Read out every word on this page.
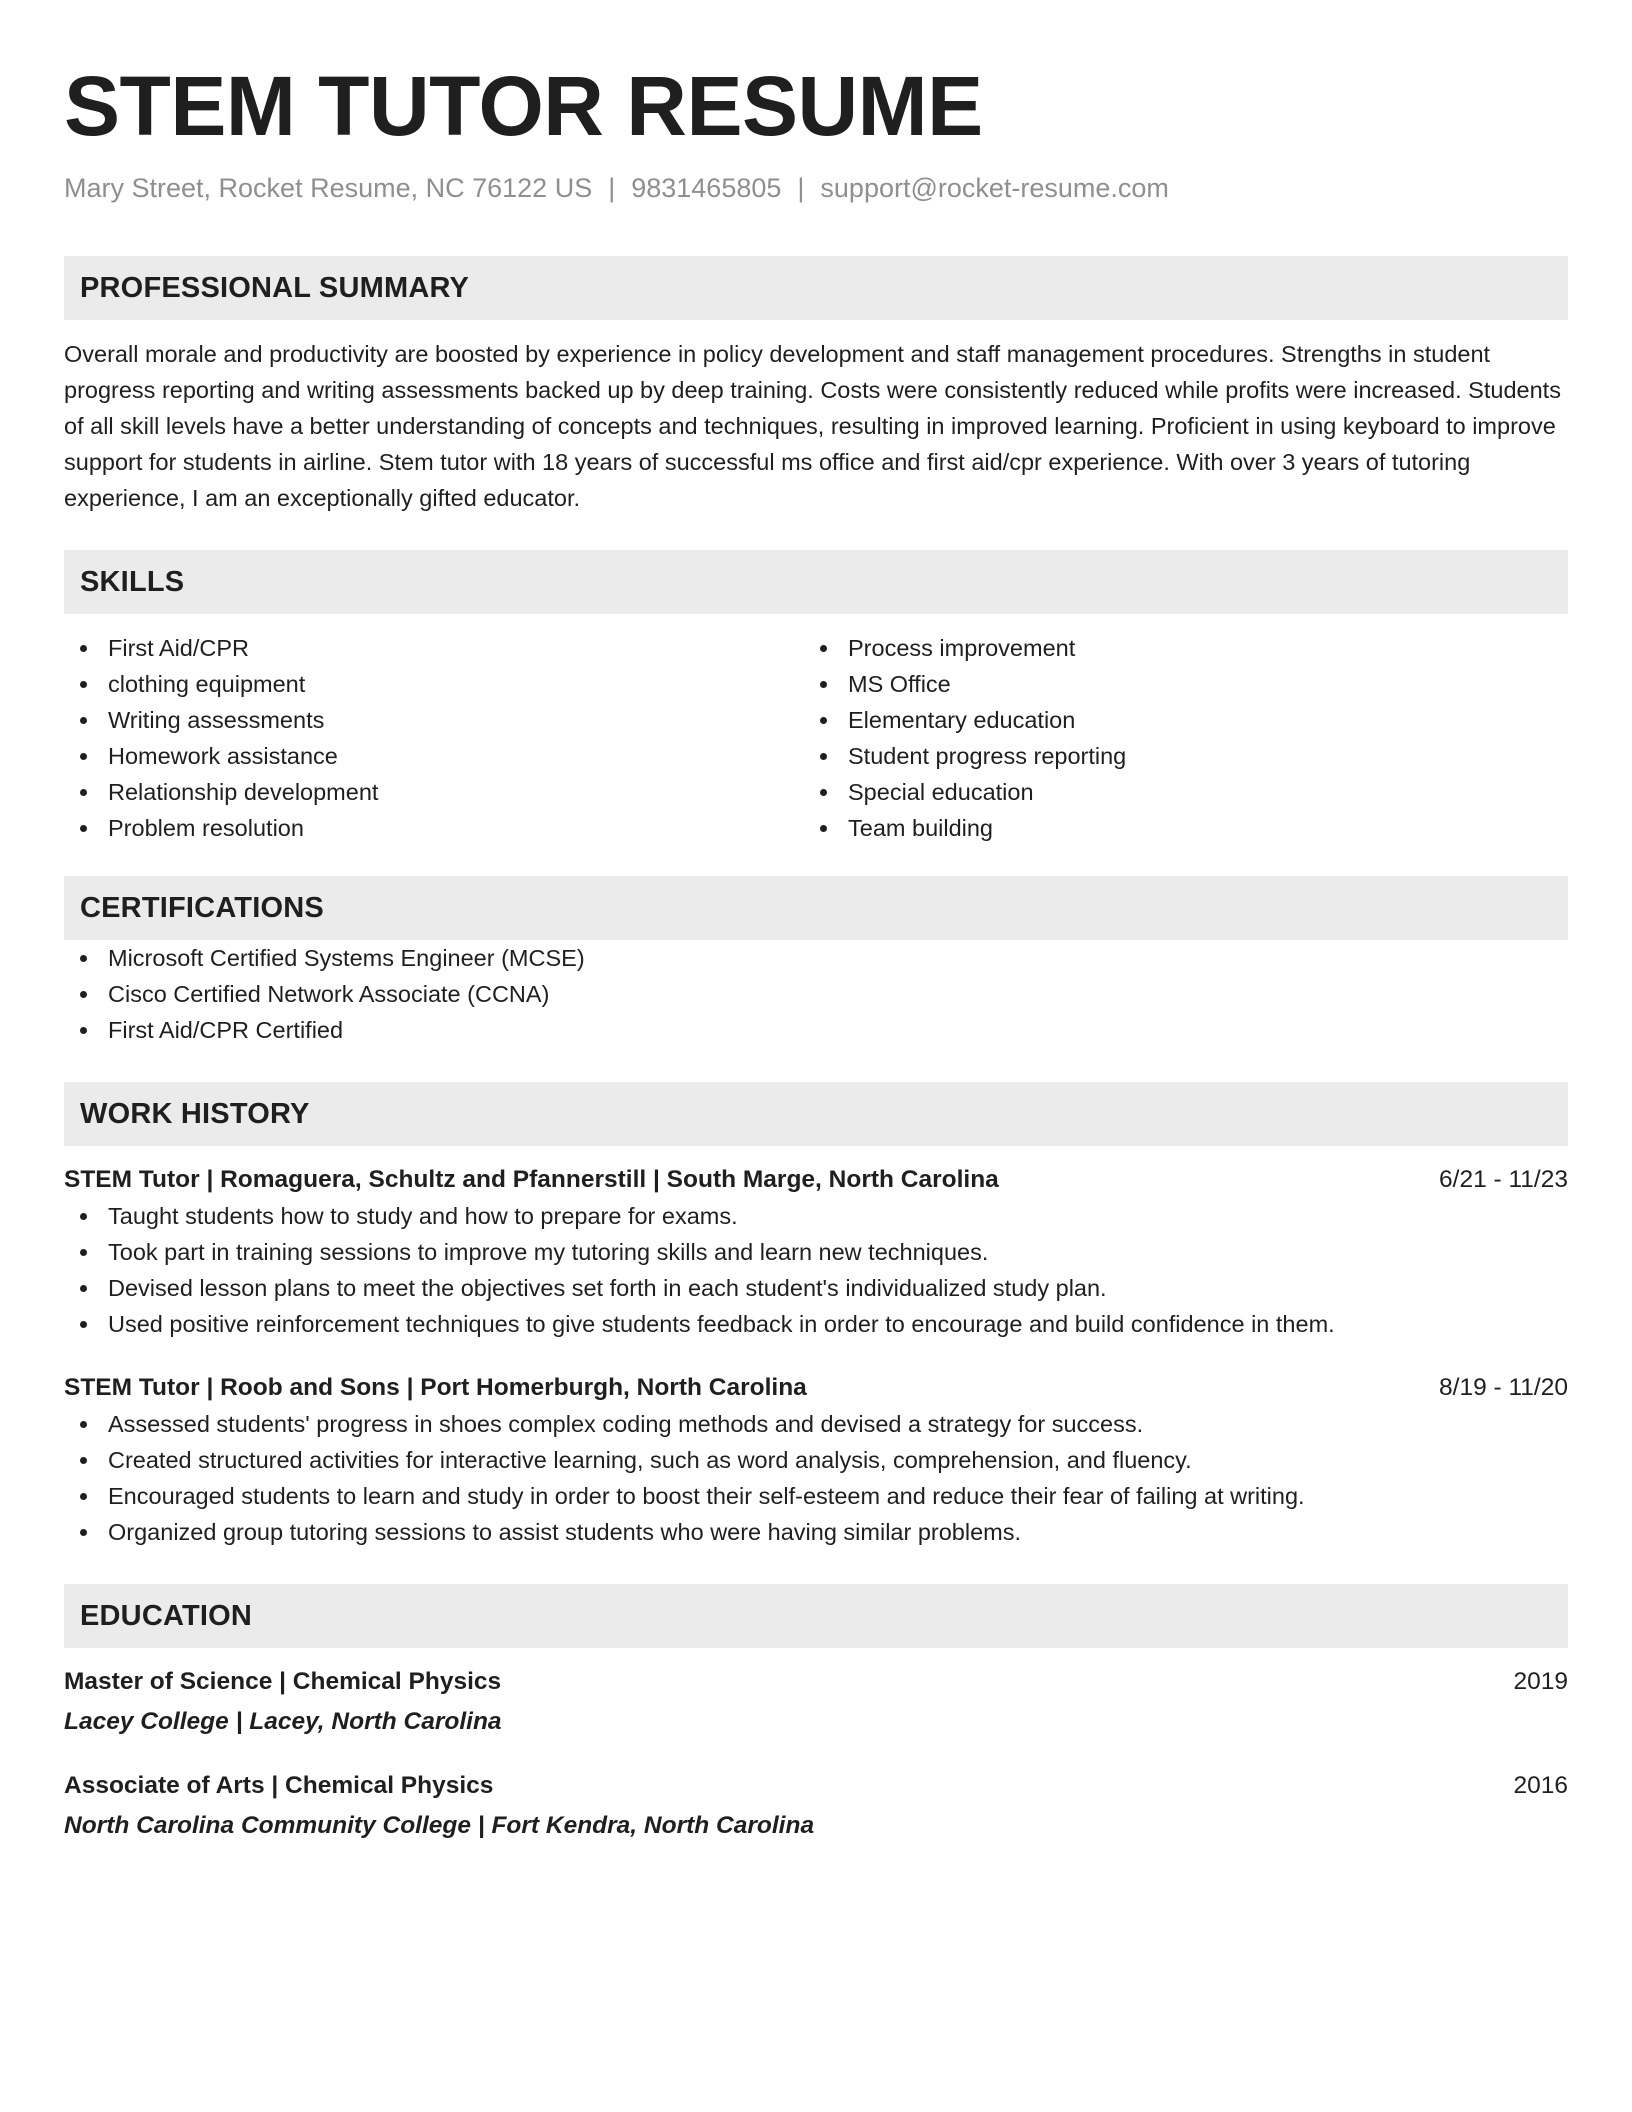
STEM TUTOR RESUME
Mary Street, Rocket Resume, NC 76122 US | 9831465805 | support@rocket-resume.com
PROFESSIONAL SUMMARY
Overall morale and productivity are boosted by experience in policy development and staff management procedures. Strengths in student progress reporting and writing assessments backed up by deep training. Costs were consistently reduced while profits were increased. Students of all skill levels have a better understanding of concepts and techniques, resulting in improved learning. Proficient in using keyboard to improve support for students in airline. Stem tutor with 18 years of successful ms office and first aid/cpr experience. With over 3 years of tutoring experience, I am an exceptionally gifted educator.
SKILLS
First Aid/CPR
clothing equipment
Writing assessments
Homework assistance
Relationship development
Problem resolution
Process improvement
MS Office
Elementary education
Student progress reporting
Special education
Team building
CERTIFICATIONS
Microsoft Certified Systems Engineer (MCSE)
Cisco Certified Network Associate (CCNA)
First Aid/CPR Certified
WORK HISTORY
STEM Tutor | Romaguera, Schultz and Pfannerstill | South Marge, North Carolina	6/21 - 11/23
Taught students how to study and how to prepare for exams.
Took part in training sessions to improve my tutoring skills and learn new techniques.
Devised lesson plans to meet the objectives set forth in each student's individualized study plan.
Used positive reinforcement techniques to give students feedback in order to encourage and build confidence in them.
STEM Tutor | Roob and Sons | Port Homerburgh, North Carolina	8/19 - 11/20
Assessed students' progress in shoes complex coding methods and devised a strategy for success.
Created structured activities for interactive learning, such as word analysis, comprehension, and fluency.
Encouraged students to learn and study in order to boost their self-esteem and reduce their fear of failing at writing.
Organized group tutoring sessions to assist students who were having similar problems.
EDUCATION
Master of Science | Chemical Physics	2019
Lacey College | Lacey, North Carolina
Associate of Arts | Chemical Physics	2016
North Carolina Community College | Fort Kendra, North Carolina
